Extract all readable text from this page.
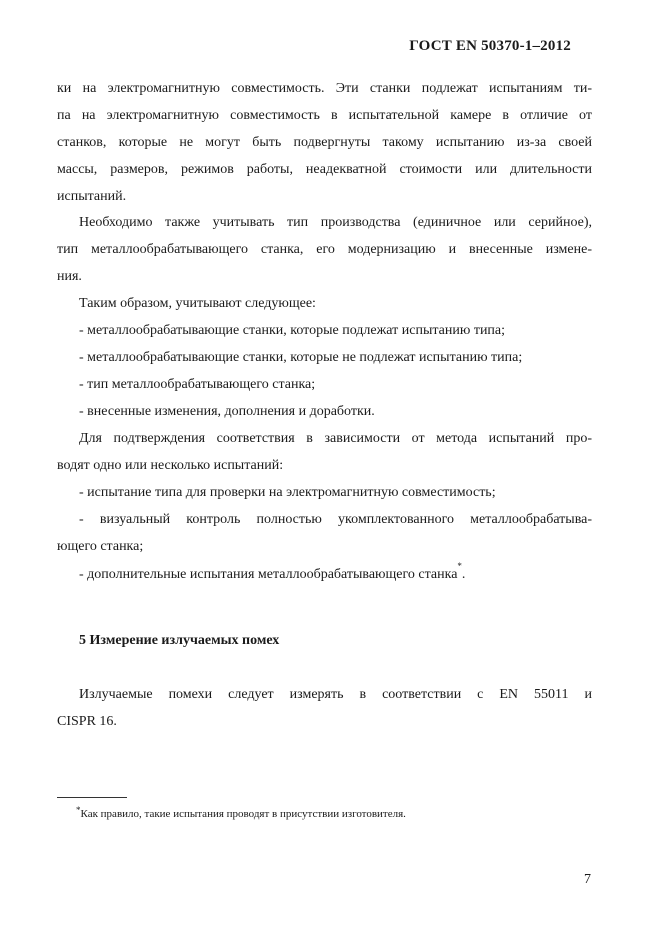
ГОСТ EN 50370-1–2012
ки на электромагнитную совместимость. Эти станки подлежат испытаниям ти-
па на электромагнитную совместимость в испытательной камере в отличие от
станков, которые не могут быть подвергнуты такому испытанию из-за своей
массы, размеров, режимов работы, неадекватной стоимости или длительности
испытаний.
Необходимо также учитывать тип производства (единичное или серийное),
тип металлообрабатывающего станка, его модернизацию и внесенные измене-
ния.
Таким образом, учитывают следующее:
- металлообрабатывающие станки, которые подлежат испытанию типа;
- металлообрабатывающие станки, которые не подлежат испытанию типа;
- тип металлообрабатывающего станка;
- внесенные изменения, дополнения и доработки.
Для подтверждения соответствия в зависимости от метода испытаний про-
водят одно или несколько испытаний:
- испытание типа для проверки на электромагнитную совместимость;
- визуальный контроль полностью укомплектованного металлообрабатыва-
ющего станка;
- дополнительные испытания металлообрабатывающего станка*.
5 Измерение излучаемых помех
Излучаемые помехи следует измерять в соответствии с EN 55011 и
CISPR 16.
*Как правило, такие испытания проводят в присутствии изготовителя.
7
